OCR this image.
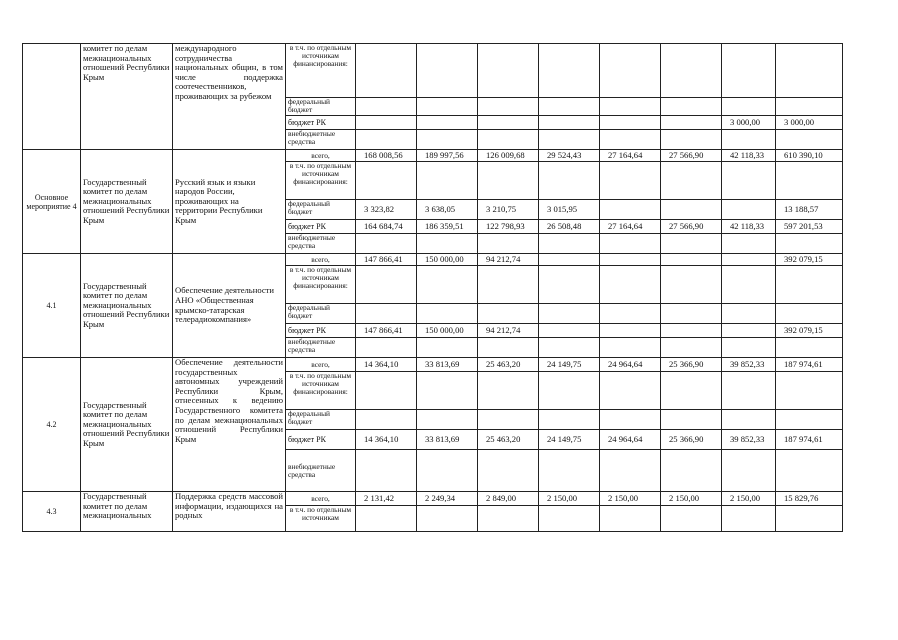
	комитет по делам межнациональных отношений Республики Крым	международного сотрудничества национальных общин, в том числе поддержка соотечественников, проживающих за рубежом	в т.ч. по отдельным источникам финансирования:								
			федеральный бюджет								
			бюджет РК							3 000,00	3 000,00
			внебюджетные средства								
Основное мероприятие 4	Государственный комитет по делам межнациональных отношений Республики Крым	Русский язык и языки народов России, проживающих на территории Республики Крым	всего,	168 008,56	189 997,56	126 009,68	29 524,43	27 164,64	27 566,90	42 118,33	610 390,10
			в т.ч. по отдельным источникам финансирования:								
			федеральный бюджет	3 323,82	3 638,05	3 210,75	3 015,95				13 188,57
			бюджет РК	164 684,74	186 359,51	122 798,93	26 508,48	27 164,64	27 566,90	42 118,33	597 201,53
			внебюджетные средства								
4.1	Государственный комитет по делам межнациональных отношений Республики Крым	Обеспечение деятельности АНО «Общественная крымско-татарская телерадиокомпания»	всего,	147 866,41	150 000,00	94 212,74					392 079,15
			в т.ч. по отдельным источникам финансирования:								
			федеральный бюджет								
			бюджет РК	147 866,41	150 000,00	94 212,74					392 079,15
			внебюджетные средства								
4.2	Государственный комитет по делам межнациональных отношений Республики Крым	Обеспечение деятельности государственных автономных учреждений Республики Крым, отнесенных к ведению Государственного комитета по делам межнациональных отношений Республики Крым	всего,	14 364,10	33 813,69	25 463,20	24 149,75	24 964,64	25 366,90	39 852,33	187 974,61
			в т.ч. по отдельным источникам финансирования:								
			федеральный бюджет								
			бюджет РК	14 364,10	33 813,69	25 463,20	24 149,75	24 964,64	25 366,90	39 852,33	187 974,61
			внебюджетные средства								
4.3	Государственный комитет по делам межнациональных	Поддержка средств массовой информации, издающихся на родных	всего,	2 131,42	2 249,34	2 849,00	2 150,00	2 150,00	2 150,00	2 150,00	15 829,76
			в т.ч. по отдельным источникам								
